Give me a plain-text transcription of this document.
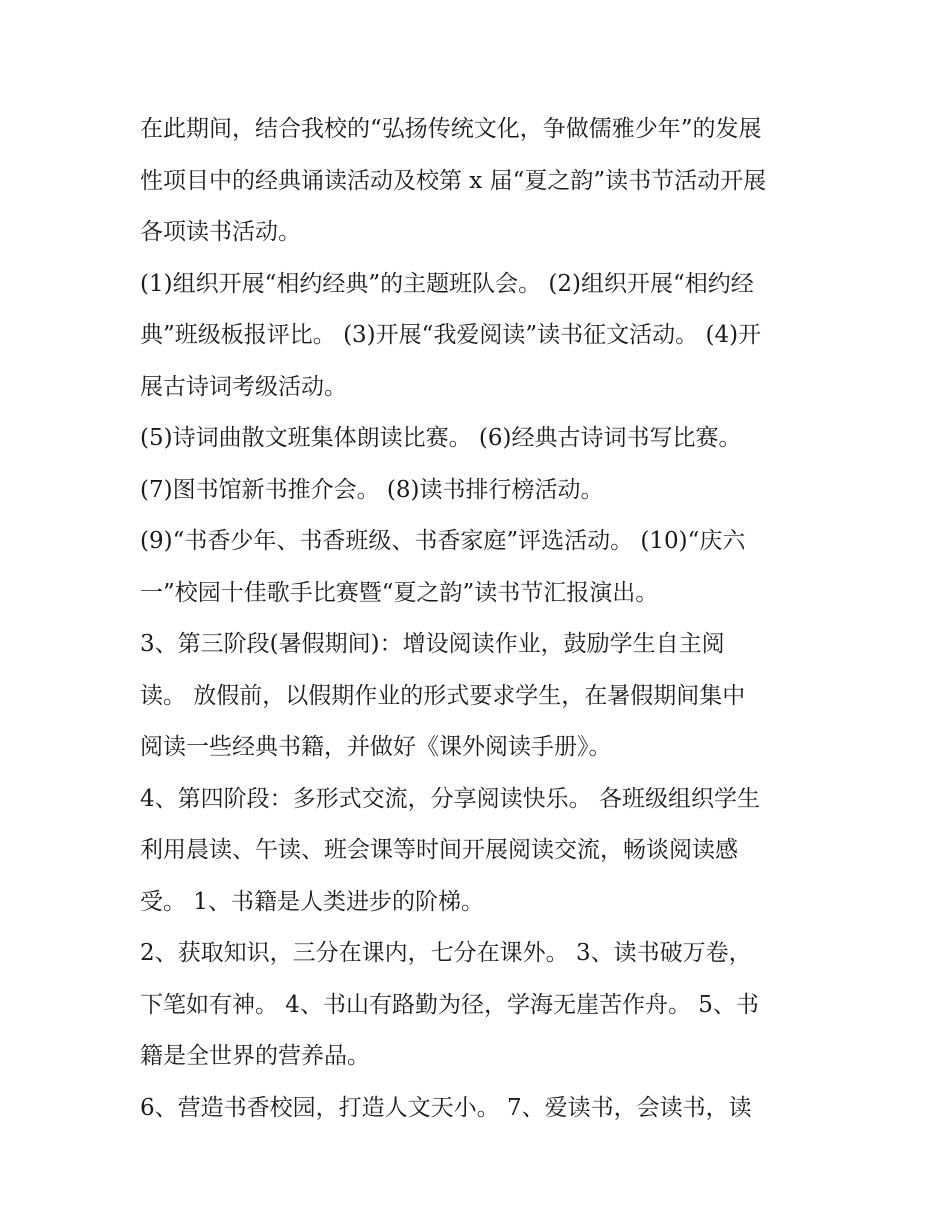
在此期间，结合我校的“弘扬传统文化，争做儒雅少年”的发展
性项目中的经典诵读活动及校第 x 届“夏之韵”读书节活动开展
各项读书活动。
(1)组织开展“相约经典”的主题班队会。 (2)组织开展“相约经
典”班级板报评比。 (3)开展“我爱阅读”读书征文活动。 (4)开
展古诗词考级活动。
(5)诗词曲散文班集体朗读比赛。 (6)经典古诗词书写比赛。
(7)图书馆新书推介会。 (8)读书排行榜活动。
(9)“书香少年、书香班级、书香家庭”评选活动。 (10)“庆六
一”校园十佳歌手比赛暨“夏之韵”读书节汇报演出。
3、第三阶段(暑假期间)：增设阅读作业，鼓励学生自主阅
读。 放假前，以假期作业的形式要求学生，在暑假期间集中
阅读一些经典书籍，并做好《课外阅读手册》。
4、第四阶段：多形式交流，分享阅读快乐。 各班级组织学生
利用晨读、午读、班会课等时间开展阅读交流，畅谈阅读感
受。 1、书籍是人类进步的阶梯。
2、获取知识，三分在课内，七分在课外。 3、读书破万卷，
下笔如有神。 4、书山有路勤为径，学海无崖苦作舟。 5、书
籍是全世界的营养品。
6、营造书香校园，打造人文天小。 7、爱读书，会读书，读
